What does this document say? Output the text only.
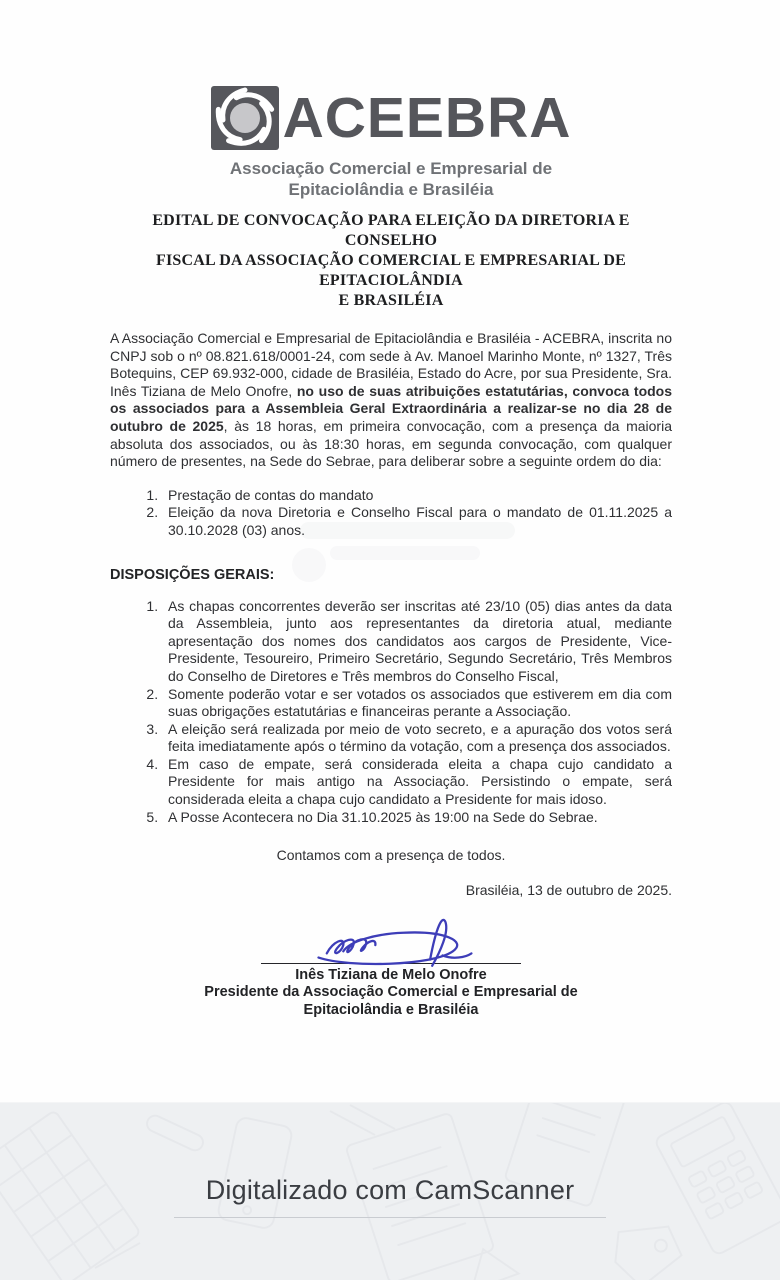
ACEEBRA
Associação Comercial e Empresarial de
Epitaciolândia e Brasiléia
EDITAL DE CONVOCAÇÃO PARA ELEIÇÃO DA DIRETORIA E CONSELHO
FISCAL DA ASSOCIAÇÃO COMERCIAL E EMPRESARIAL DE EPITACIOLÂNDIA
E BRASILÉIA

A Associação Comercial e Empresarial de Epitaciolândia e Brasiléia - ACEBRA, inscrita no CNPJ sob o nº 08.821.618/0001-24, com sede à Av. Manoel Marinho Monte, nº 1327, Três Botequins, CEP 69.932-000, cidade de Brasiléia, Estado do Acre, por sua Presidente, Sra. Inês Tiziana de Melo Onofre, no uso de suas atribuições estatutárias, convoca todos os associados para a Assembleia Geral Extraordinária a realizar-se no dia 28 de outubro de 2025, às 18 horas, em primeira convocação, com a presença da maioria absoluta dos associados, ou às 18:30 horas, em segunda convocação, com qualquer número de presentes, na Sede do Sebrae, para deliberar sobre a seguinte ordem do dia:

1. Prestação de contas do mandato
2. Eleição da nova Diretoria e Conselho Fiscal para o mandato de 01.11.2025 a 30.10.2028 (03) anos.
DISPOSIÇÕES GERAIS:
1. As chapas concorrentes deverão ser inscritas até 23/10 (05) dias antes da data da Assembleia, junto aos representantes da diretoria atual, mediante apresentação dos nomes dos candidatos aos cargos de Presidente, Vice-Presidente, Tesoureiro, Primeiro Secretário, Segundo Secretário, Três Membros do Conselho de Diretores e Três membros do Conselho Fiscal,
2. Somente poderão votar e ser votados os associados que estiverem em dia com suas obrigações estatutárias e financeiras perante a Associação.
3. A eleição será realizada por meio de voto secreto, e a apuração dos votos será feita imediatamente após o término da votação, com a presença dos associados.
4. Em caso de empate, será considerada eleita a chapa cujo candidato a Presidente for mais antigo na Associação. Persistindo o empate, será considerada eleita a chapa cujo candidato a Presidente for mais idoso.
5. A Posse Acontecera no Dia 31.10.2025 às 19:00 na Sede do Sebrae.
Contamos com a presença de todos.
Brasiléia, 13 de outubro de 2025.
Inês Tiziana de Melo Onofre
Presidente da Associação Comercial e Empresarial de
Epitaciolândia e Brasiléia
Digitalizado com CamScanner
